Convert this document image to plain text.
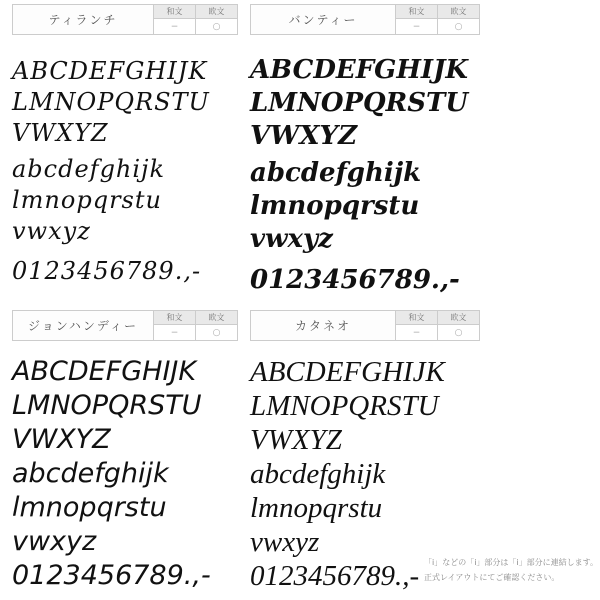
ティランチ
和文
−
欧文
○
ABCDEFGHIJK
LMNOPQRSTU
VWXYZ
abcdefghijk
lmnopqrstu
vwxyz
0123456789.,-
バンティー
和文
−
欧文
○
ABCDEFGHIJK
LMNOPQRSTU
VWXYZ
abcdefghijk
lmnopqrstu
vwxyz
0123456789.,-
ジョンハンディー
和文
−
欧文
○
ABCDEFGHIJK
LMNOPQRSTU
VWXYZ
abcdefghijk
lmnopqrstu
vwxyz
0123456789.,-
カタネオ
和文
−
欧文
○
ABCDEFGHIJK
LMNOPQRSTU
VWXYZ
abcdefghijk
lmnopqrstu
vwxyz
0123456789.,- 「i」などの「i」部分は「i」部分に連結します。
正式レイアウトにてご確認ください。
